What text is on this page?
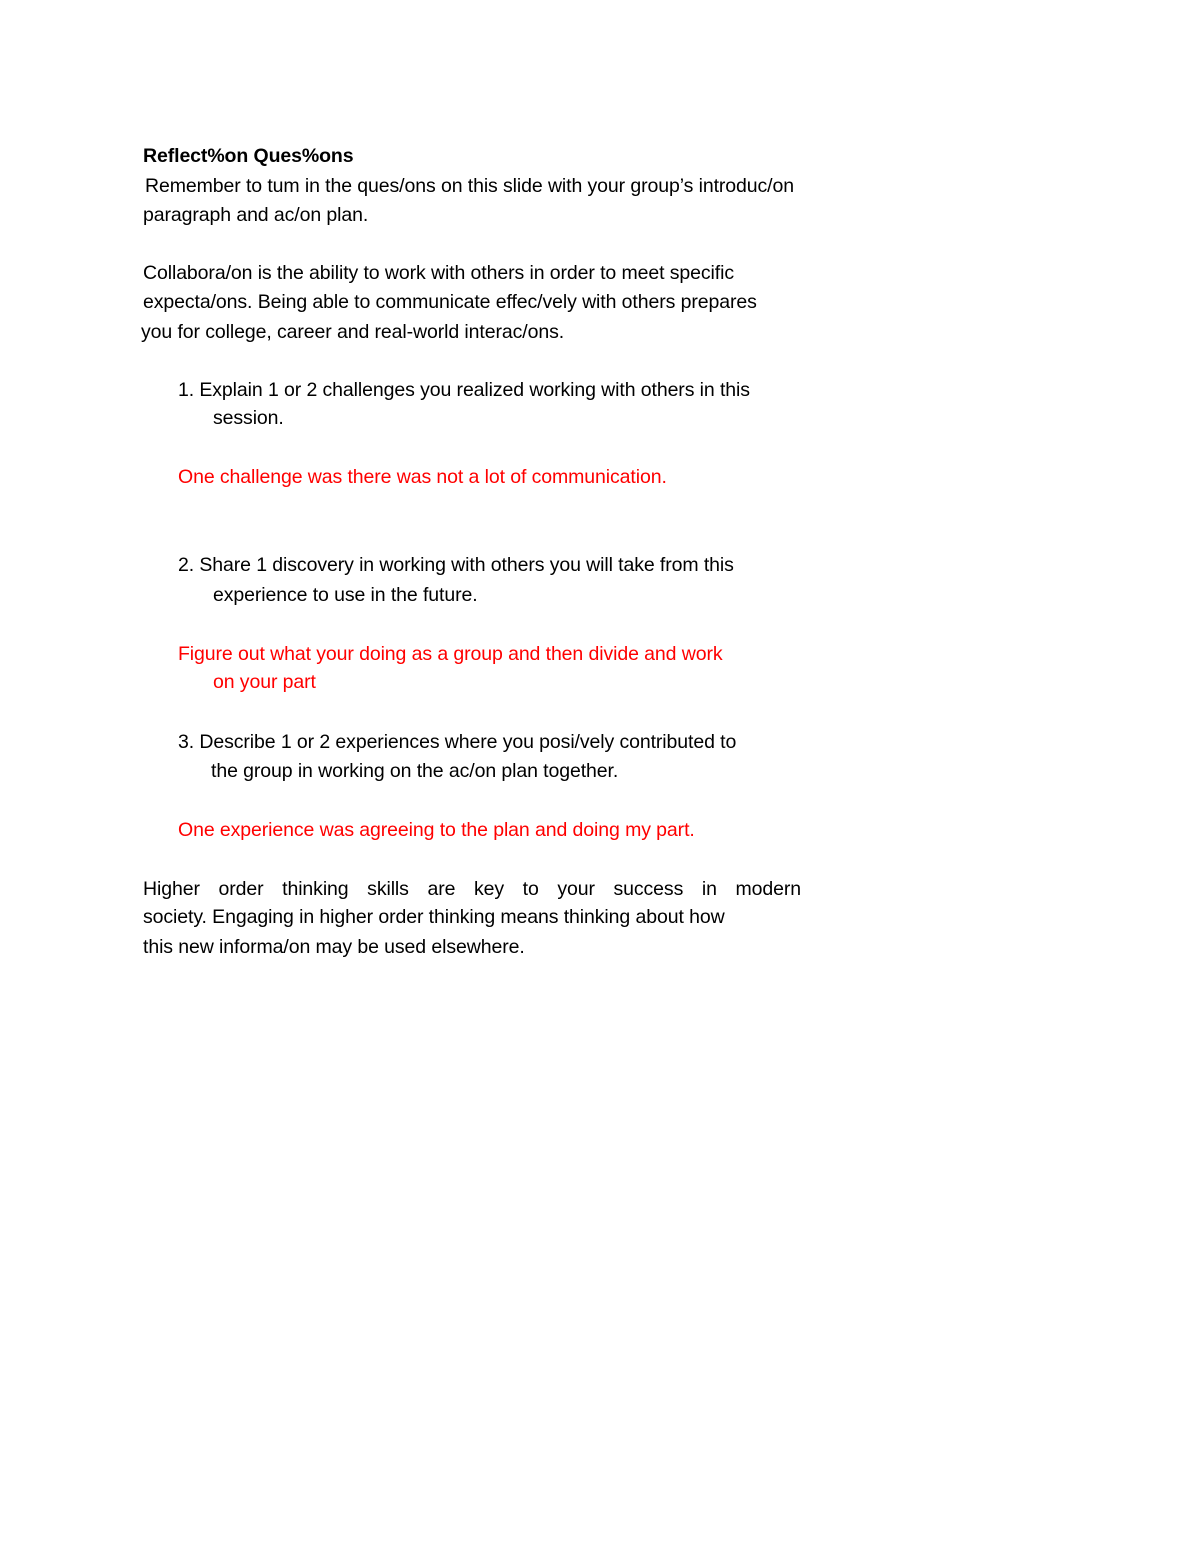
Reflect%on Ques%ons
Remember to tum in the ques/ons on this slide with your group’s introduc/on
paragraph and ac/on plan.
Collabora/on is the ability to work with others in order to meet specific
expecta/ons. Being able to communicate effec/vely with others prepares
you for college, career and real-world interac/ons.
1. Explain 1 or 2 challenges you realized working with others in this
session.
One challenge was there was not a lot of communication.
2. Share 1 discovery in working with others you will take from this
experience to use in the future.
Figure out what your doing as a group and then divide and work
on your part
3. Describe 1 or 2 experiences where you posi/vely contributed to
the group in working on the ac/on plan together.
One experience was agreeing to the plan and doing my part.
Higher order thinking skills are key to your success in modern
society. Engaging in higher order thinking means thinking about how
this new informa/on may be used elsewhere.
